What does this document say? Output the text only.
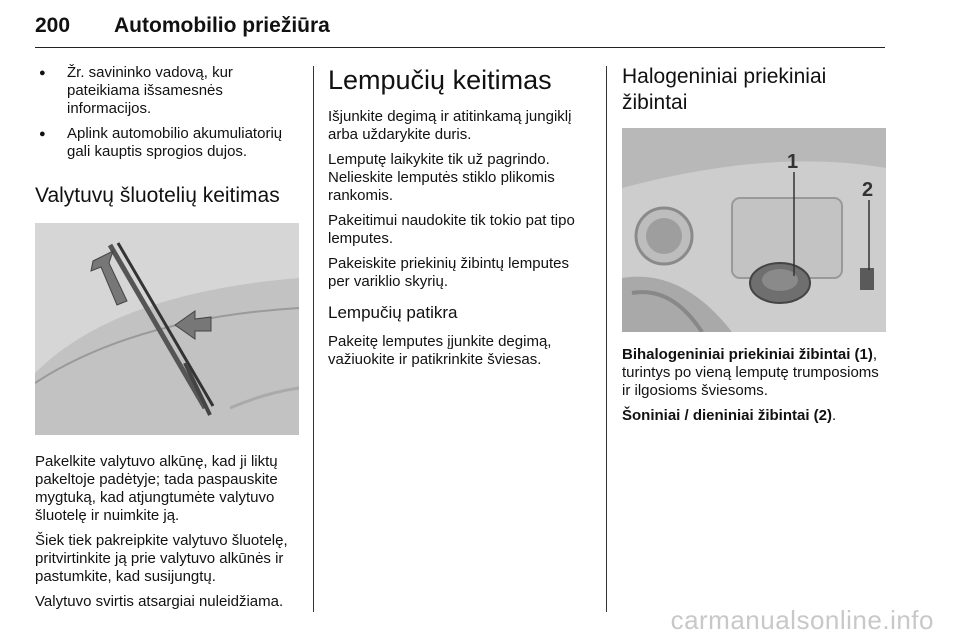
200 Automobilio priežiūra
● Žr. savininko vadovą, kur pateikiama išsamesnės informacijos.
● Aplink automobilio akumuliatorių gali kauptis sprogios dujos.
Valytuvų šluotelių keitimas

Pakelkite valytuvo alkūnę, kad ji liktų pakeltoje padėtyje; tada paspauskite mygtuką, kad atjungtumėte valytuvo šluotelę ir nuimkite ją.

Šiek tiek pakreipkite valytuvo šluotelę, pritvirtinkite ją prie valytuvo alkūnės ir pastumkite, kad susijungtų.

Valytuvo svirtis atsargiai nuleidžiama.

Lempučių keitimas

Išjunkite degimą ir atitinkamą jungiklį arba uždarykite duris.

Lemputę laikykite tik už pagrindo. Nelieskite lemputės stiklo plikomis rankomis.

Pakeitimui naudokite tik tokio pat tipo lemputes.

Pakeiskite priekinių žibintų lemputes per variklio skyrių.

Lempučių patikra

Pakeitę lemputes įjunkite degimą, važiuokite ir patikrinkite šviesas.

Halogeniniai priekiniai žibintai
1
2

Bihalogeniniai priekiniai žibintai (1), turintys po vieną lemputę trumposioms ir ilgosioms šviesoms.

Šoniniai / dieniniai žibintai (2).

carmanualsonline.info
